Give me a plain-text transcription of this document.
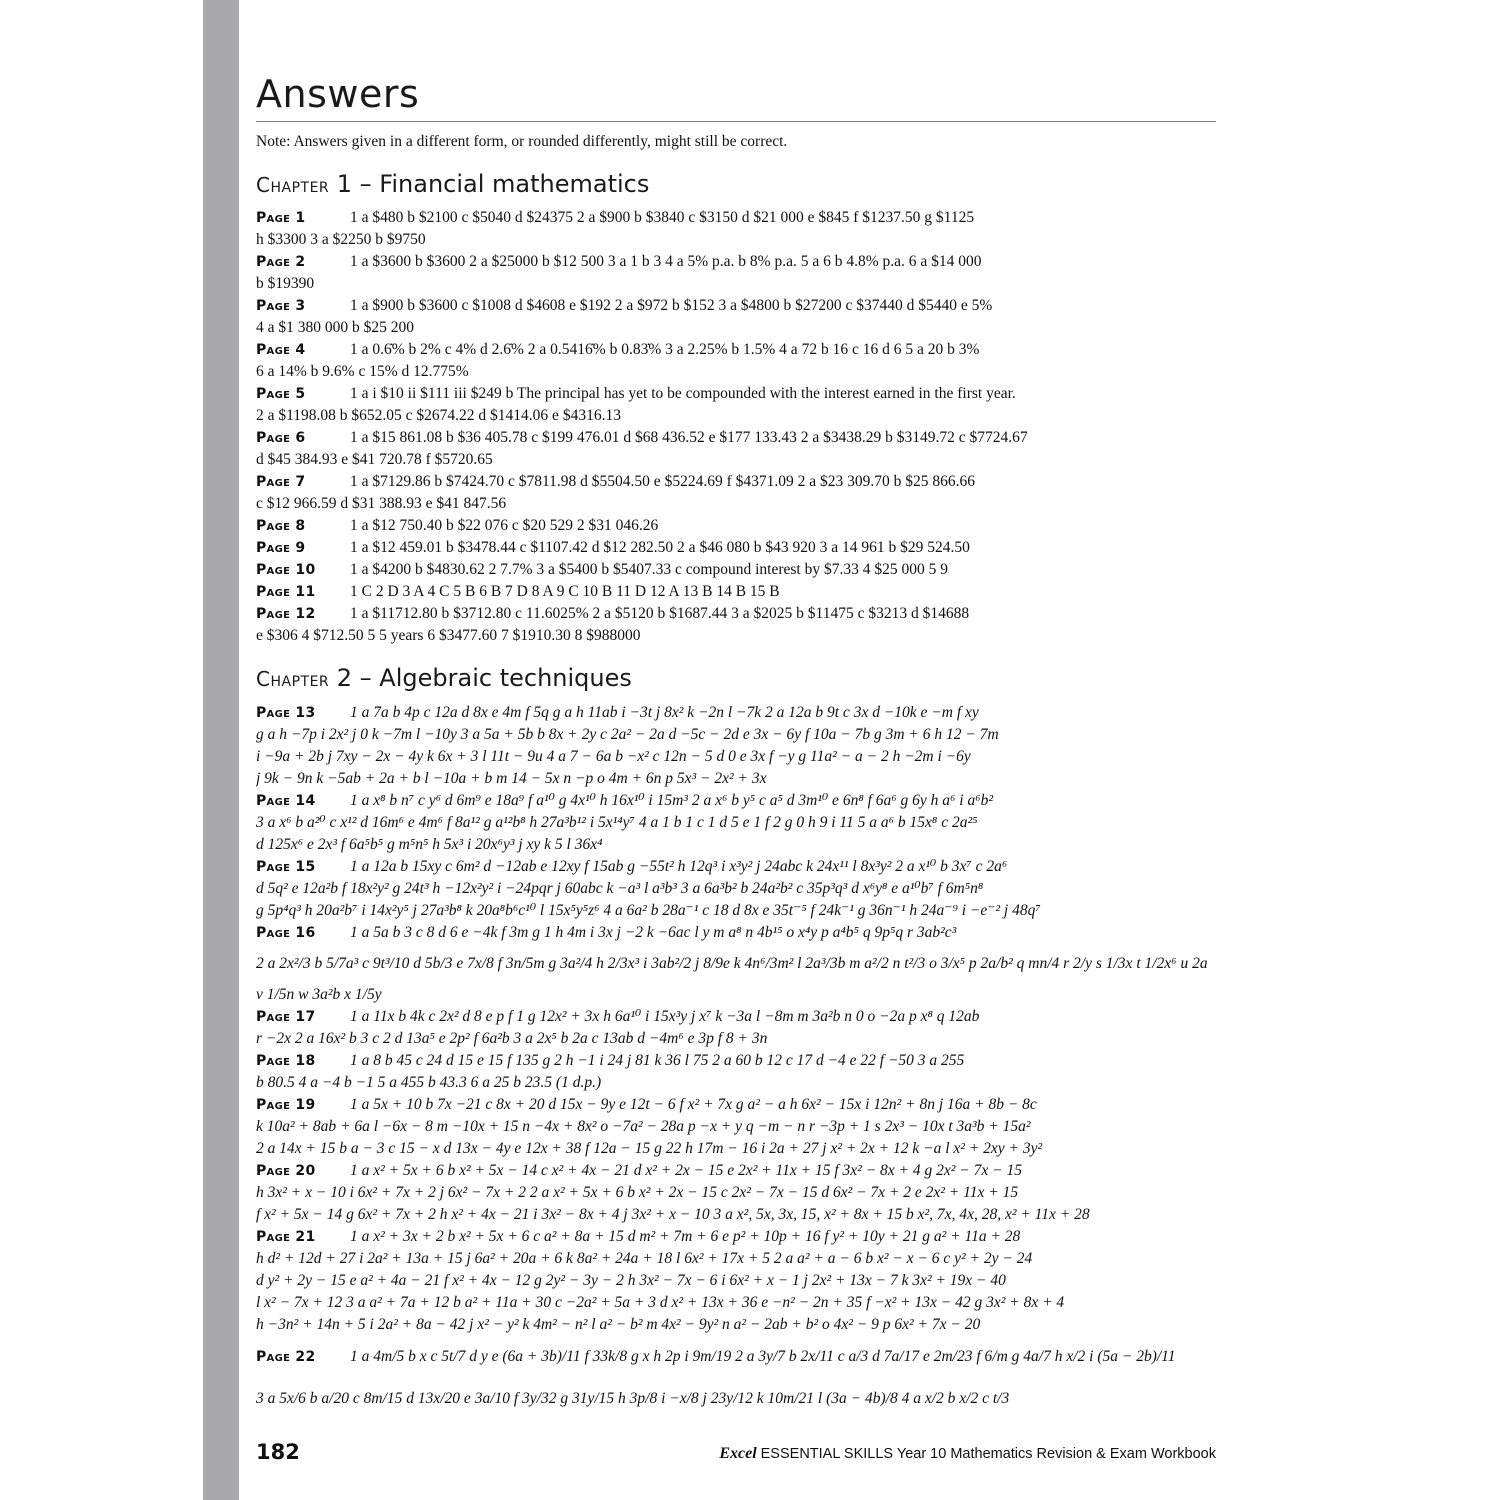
Answers
Note: Answers given in a different form, or rounded differently, might still be correct.
Chapter 1 – Financial mathematics
Page 1	1 a $480 b $2100 c $5040 d $24375 2 a $900 b $3840 c $3150 d $21 000 e $845 f $1237.50 g $1125
h $3300 3 a $2250 b $9750
Page 2	1 a $3600 b $3600 2 a $25000 b $12 500 3 a 1 b 3 4 a 5% p.a. b 8% p.a. 5 a 6 b 4.8% p.a. 6 a $14 000
b $19390
Page 3	1 a $900 b $3600 c $1008 d $4608 e $192 2 a $972 b $152 3 a $4800 b $27200 c $37440 d $5440 e 5%
4 a $1 380 000 b $25 200
Page 4	1 a 0.6̇% b 2% c 4% d 2.6̇% 2 a 0.5416̇% b 0.83̇% 3 a 2.25% b 1.5% 4 a 72 b 16 c 16 d 6 5 a 20 b 3%
6 a 14% b 9.6% c 15% d 12.775%
Page 5	1 a i $10 ii $111 iii $249 b The principal has yet to be compounded with the interest earned in the first year.
2 a $1198.08 b $652.05 c $2674.22 d $1414.06 e $4316.13
Page 6	1 a $15 861.08 b $36 405.78 c $199 476.01 d $68 436.52 e $177 133.43 2 a $3438.29 b $3149.72 c $7724.67
d $45 384.93 e $41 720.78 f $5720.65
Page 7	1 a $7129.86 b $7424.70 c $7811.98 d $5504.50 e $5224.69 f $4371.09 2 a $23 309.70 b $25 866.66
c $12 966.59 d $31 388.93 e $41 847.56
Page 8	1 a $12 750.40 b $22 076 c $20 529 2 $31 046.26
Page 9	1 a $12 459.01 b $3478.44 c $1107.42 d $12 282.50 2 a $46 080 b $43 920 3 a 14 961 b $29 524.50
Page 10 1 a $4200 b $4830.62 2 7.7% 3 a $5400 b $5407.33 c compound interest by $7.33 4 $25 000 5 9
Page 11 1 C 2 D 3 A 4 C 5 B 6 B 7 D 8 A 9 C 10 B 11 D 12 A 13 B 14 B 15 B
Page 12 1 a $11712.80 b $3712.80 c 11.6025% 2 a $5120 b $1687.44 3 a $2025 b $11475 c $3213 d $14688
e $306 4 $712.50 5 5 years 6 $3477.60 7 $1910.30 8 $988000
Chapter 2 – Algebraic techniques
Page 13 1 a 7a b 4p c 12a d 8x e 4m f 5q g a h 11ab i −3t j 8x² k −2n l −7k 2 a 12a b 9t c 3x d −10k e −m f xy
g a h −7p i 2x² j 0 k −7m l −10y 3 a 5a + 5b b 8x + 2y c 2a² − 2a d −5c − 2d e 3x − 6y f 10a − 7b g 3m + 6 h 12 − 7m
i −9a + 2b j 7xy − 2x − 4y k 6x + 3 l 11t − 9u 4 a 7 − 6a b −x² c 12n − 5 d 0 e 3x f −y g 11a² − a − 2 h −2m i −6y
j 9k − 9n k −5ab + 2a + b l −10a + b m 14 − 5x n −p o 4m + 6n p 5x³ − 2x² + 3x
Page 14 1 a x⁸ b n⁷ c y⁶ d 6m⁹ e 18a⁹ f a¹⁰ g 4x¹⁰ h 16x¹⁰ i 15m³ 2 a x⁶ b y⁵ c a⁵ d 3m¹⁰ e 6n⁸ f 6a⁶ g 6y h a⁶ i a⁶b²
3 a x⁶ b a²⁰ c x¹² d 16m⁶ e 4m⁶ f 8a¹² g a¹²b⁸ h 27a³b¹² i 5x¹⁴y⁷ 4 a 1 b 1 c 1 d 5 e 1 f 2 g 0 h 9 i 11 5 a a⁶ b 15x⁸ c 2a²⁵
d 125x⁶ e 2x³ f 6a⁵b⁵ g m⁵n⁵ h 5x³ i 20x⁶y³ j xy k 5 l 36x⁴
Page 15 1 a 12a b 15xy c 6m² d −12ab e 12xy f 15ab g −55t² h 12q³ i x³y² j 24abc k 24x¹¹ l 8x³y² 2 a x¹⁰ b 3x⁷ c 2a⁶
d 5q² e 12a²b f 18x²y² g 24t³ h −12x²y² i −24pqr j 60abc k −a³ l a³b³ 3 a 6a³b² b 24a²b² c 35p³q³ d x⁶y⁸ e a¹⁰b⁷ f 6m⁵n⁸
g 5p⁴q³ h 20a²b⁷ i 14x²y⁵ j 27a³b⁸ k 20a⁸b⁶c¹⁰ l 15x⁵y⁵z⁶ 4 a 6a² b 28a⁻¹ c 18 d 8x e 35t⁻⁵ f 24k⁻¹ g 36n⁻¹ h 24a⁻⁹ i −e⁻² j 48q⁷
Page 16 1 a 5a b 3 c 8 d 6 e −4k f 3m g 1 h 4m i 3x j −2 k −6ac l y m a⁸ n 4b¹⁵ o x⁴y p a⁴b⁵ q 9p⁵q r 3ab²c³
2 a 2x²/3 b 5/7a³ c 9t³/10 d 5b/3 e 7x/8 f 3n/5m g 3a²/4 h 2/3x³ i 3ab²/2 j 8/9e k 4n⁶/3m² l 2a³/3b m a²/2 n t²/3 o 3/x⁵ p 2a/b² q mn/4 r 2/y s 1/3x t 1/2x⁶ u 2a
v 1/5n w 3a²b x 1/5y
Page 17 1 a 11x b 4k c 2x² d 8 e p f 1 g 12x² + 3x h 6a¹⁰ i 15x³y j x⁷ k −3a l −8m m 3a²b n 0 o −2a p x⁸ q 12ab
r −2x 2 a 16x² b 3 c 2 d 13a⁵ e 2p² f 6a²b 3 a 2x⁵ b 2a c 13ab d −4m⁶ e 3p f 8 + 3n
Page 18 1 a 8 b 45 c 24 d 15 e 15 f 135 g 2 h −1 i 24 j 81 k 36 l 75 2 a 60 b 12 c 17 d −4 e 22 f −50 3 a 255
b 80.5 4 a −4 b −1 5 a 455 b 43.3 6 a 25 b 23.5 (1 d.p.)
Page 19 1 a 5x + 10 b 7x −21 c 8x + 20 d 15x − 9y e 12t − 6 f x² + 7x g a² − a h 6x² − 15x i 12n² + 8n j 16a + 8b − 8c
k 10a² + 8ab + 6a l −6x − 8 m −10x + 15 n −4x + 8x² o −7a² − 28a p −x + y q −m − n r −3p + 1 s 2x³ − 10x t 3a³b + 15a²
2 a 14x + 15 b a − 3 c 15 − x d 13x − 4y e 12x + 38 f 12a − 15 g 22 h 17m − 16 i 2a + 27 j x² + 2x + 12 k −a l x² + 2xy + 3y²
Page 20 1 a x² + 5x + 6 b x² + 5x − 14 c x² + 4x − 21 d x² + 2x − 15 e 2x² + 11x + 15 f 3x² − 8x + 4 g 2x² − 7x − 15
h 3x² + x − 10 i 6x² + 7x + 2 j 6x² − 7x + 2 2 a x² + 5x + 6 b x² + 2x − 15 c 2x² − 7x − 15 d 6x² − 7x + 2 e 2x² + 11x + 15
f x² + 5x − 14 g 6x² + 7x + 2 h x² + 4x − 21 i 3x² − 8x + 4 j 3x² + x − 10 3 a x², 5x, 3x, 15, x² + 8x + 15 b x², 7x, 4x, 28, x² + 11x + 28
Page 21 1 a x² + 3x + 2 b x² + 5x + 6 c a² + 8a + 15 d m² + 7m + 6 e p² + 10p + 16 f y² + 10y + 21 g a² + 11a + 28
h d² + 12d + 27 i 2a² + 13a + 15 j 6a² + 20a + 6 k 8a² + 24a + 18 l 6x² + 17x + 5 2 a a² + a − 6 b x² − x − 6 c y² + 2y − 24
d y² + 2y − 15 e a² + 4a − 21 f x² + 4x − 12 g 2y² − 3y − 2 h 3x² − 7x − 6 i 6x² + x − 1 j 2x² + 13x − 7 k 3x² + 19x − 40
l x² − 7x + 12 3 a a² + 7a + 12 b a² + 11a + 30 c −2a² + 5a + 3 d x² + 13x + 36 e −n² − 2n + 35 f −x² + 13x − 42 g 3x² + 8x + 4
h −3n² + 14n + 5 i 2a² + 8a − 42 j x² − y² k 4m² − n² l a² − b² m 4x² − 9y² n a² − 2ab + b² o 4x² − 9 p 6x² + 7x − 20
Page 22 1 a 4m/5 b x c 5t/7 d y e (6a + 3b)/11 f 33k/8 g x h 2p i 9m/19 2 a 3y/7 b 2x/11 c a/3 d 7a/17 e 2m/23 f 6/m g 4a/7 h x/2 i (5a − 2b)/11
3 a 5x/6 b a/20 c 8m/15 d 13x/20 e 3a/10 f 3y/32 g 31y/15 h 3p/8 i −x/8 j 23y/12 k 10m/21 l (3a − 4b)/8 4 a x/2 b x/2 c t/3
182	Excel ESSENTIAL SKILLS Year 10 Mathematics Revision & Exam Workbook
